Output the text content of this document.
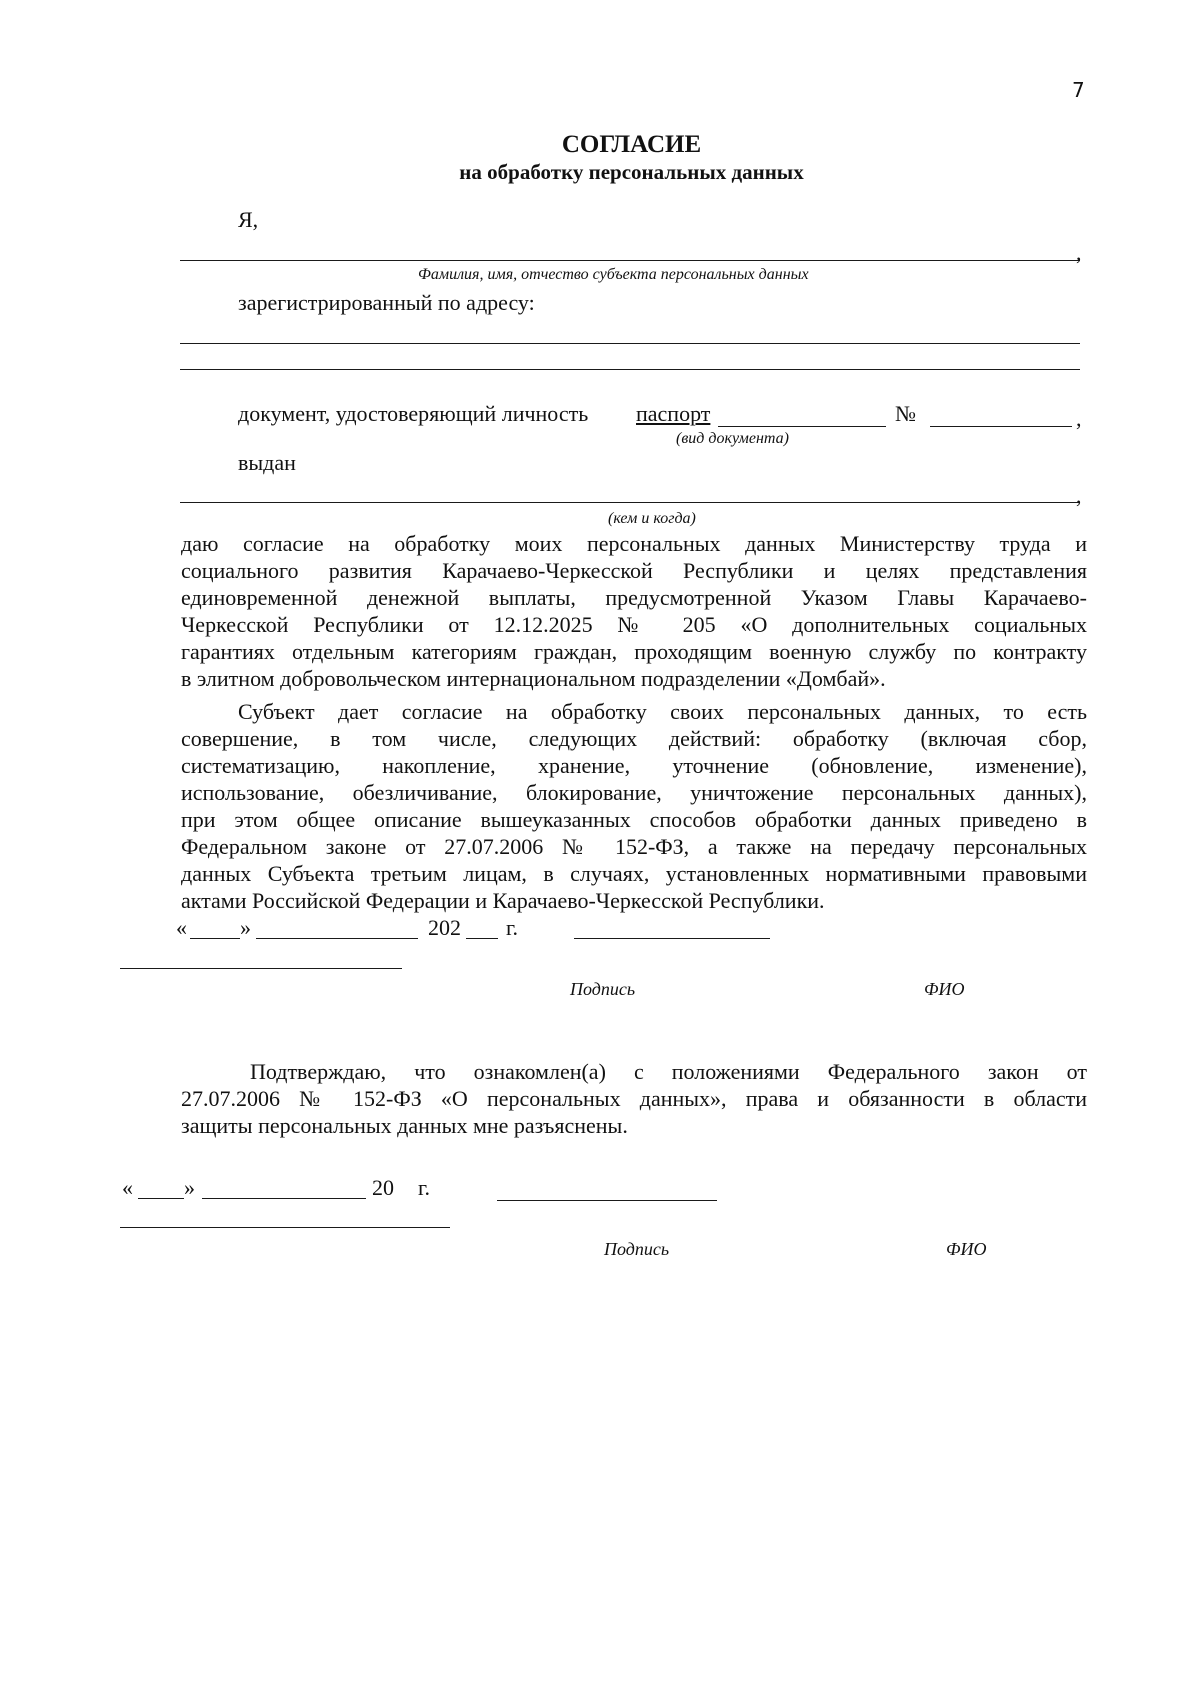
7
СОГЛАСИЕ
на обработку персональных данных
Я,
,
Фамилия, имя, отчество субъекта персональных данных
зарегистрированный по адресу:
документ, удостоверяющий личность паспорт	№	,
(вид документа)
выдан
,
(кем и когда)
даю согласие на обработку моих персональных данных Министерству труда и
социального развития Карачаево-Черкесской Республики и целях представления
единовременной денежной выплаты, предусмотренной Указом Главы Карачаево-
Черкесской Республики от 12.12.2025 № 205 «О дополнительных социальных
гарантиях отдельным категориям граждан, проходящим военную службу по контракту
в элитном добровольческом интернациональном подразделении «Домбай».
Субъект дает согласие на обработку своих персональных данных, то есть
совершение, в том числе, следующих действий: обработку (включая сбор,
систематизацию, накопление, хранение, уточнение (обновление, изменение),
использование, обезличивание, блокирование, уничтожение персональных данных),
при этом общее описание вышеуказанных способов обработки данных приведено в
Федеральном законе от 27.07.2006 № 152-ФЗ, а также на передачу персональных
данных Субъекта третьим лицам, в случаях, установленных нормативными правовыми
актами Российской Федерации и Карачаево-Черкесской Республики.
« »	202 г.
Подпись	ФИО
Подтверждаю, что ознакомлен(а) с положениями Федерального закон от
27.07.2006 № 152-ФЗ «О персональных данных», права и обязанности в области
защиты персональных данных мне разъяснены.
« »	20 г.
Подпись	ФИО
